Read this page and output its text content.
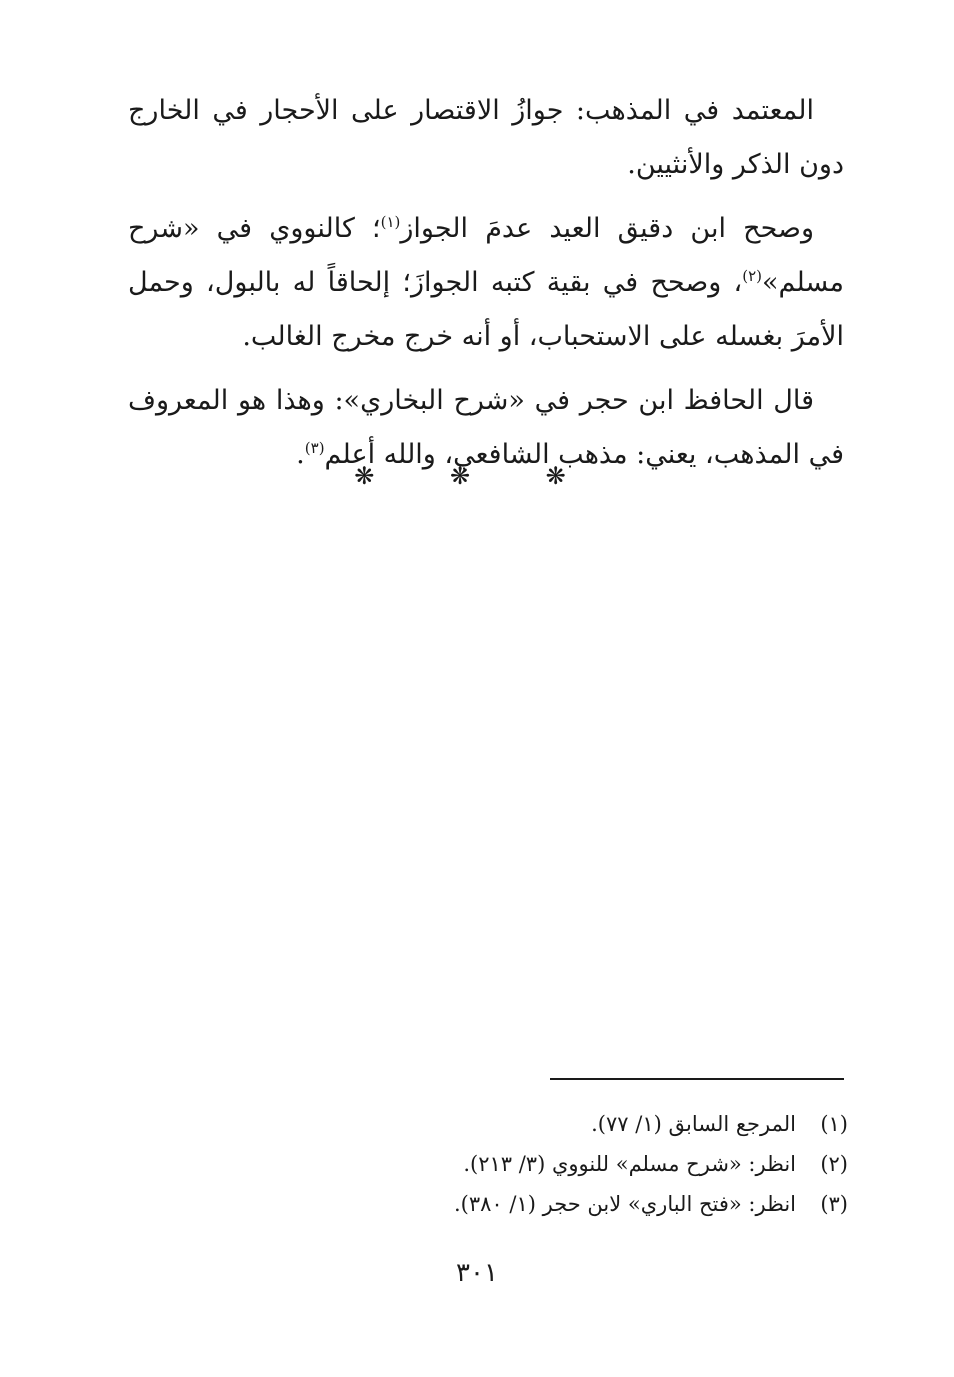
المعتمد في المذهب: جوازُ الاقتصار على الأحجار في الخارج دون الذكر والأنثيين.

وصحح ابن دقيق العيد عدمَ الجواز$^{(١)}$؛ كالنووي في «شرح مسلم»$^{(٢)}$، وصحح في بقية كتبه الجوازَ؛ إلحاقاً له بالبول، وحمل الأمرَ بغسله على الاستحباب، أو أنه خرج مخرج الغالب.

قال الحافظ ابن حجر في «شرح البخاري»: وهذا هو المعروف في المذهب، يعني: مذهب الشافعي، والله أعلم$^{(٣)}$.

❋ ❋ ❋
(١)
المرجع السابق (١/ ٧٧).
(٢)
انظر: «شرح مسلم» للنووي (٣/ ٢١٣).
(٣)
انظر: «فتح الباري» لابن حجر (١/ ٣٨٠).
٣٠١
